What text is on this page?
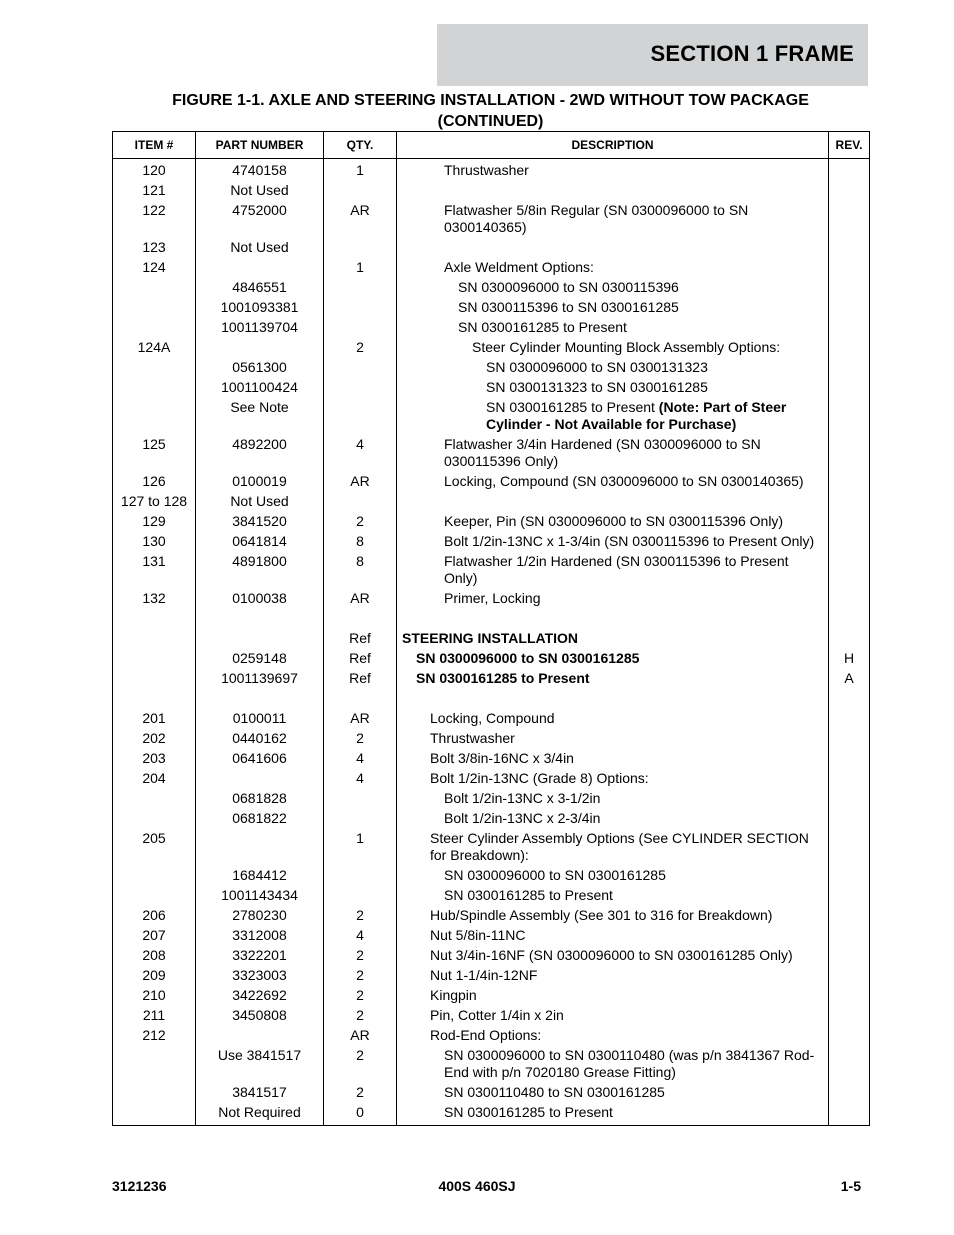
SECTION 1 FRAME
FIGURE 1-1. AXLE AND STEERING INSTALLATION - 2WD WITHOUT TOW PACKAGE
(CONTINUED)
ITEM #	PART NUMBER	QTY.	DESCRIPTION	REV.
120	4740158	1	Thrustwasher	
121	Not Used			
122	4752000	AR	Flatwasher 5/8in Regular (SN 0300096000 to SN 0300140365)	
123	Not Used			
124		1	Axle Weldment Options:	
	4846551		SN 0300096000 to SN 0300115396	
	1001093381		SN 0300115396 to SN 0300161285	
	1001139704		SN 0300161285 to Present	
124A		2	Steer Cylinder Mounting Block Assembly Options:	
	0561300		SN 0300096000 to SN 0300131323	
	1001100424		SN 0300131323 to SN 0300161285	
	See Note		SN 0300161285 to Present (Note: Part of Steer Cylinder - Not Available for Purchase)	
125	4892200	4	Flatwasher 3/4in Hardened (SN 0300096000 to SN 0300115396 Only)	
126	0100019	AR	Locking, Compound (SN 0300096000 to SN 0300140365)	
127 to 128	Not Used			
129	3841520	2	Keeper, Pin (SN 0300096000 to SN 0300115396 Only)	
130	0641814	8	Bolt 1/2in-13NC x 1-3/4in (SN 0300115396 to Present Only)	
131	4891800	8	Flatwasher 1/2in Hardened (SN 0300115396 to Present Only)	
132	0100038	AR	Primer, Locking	

		Ref	STEERING INSTALLATION	
	0259148	Ref	SN 0300096000 to SN 0300161285	H
	1001139697	Ref	SN 0300161285 to Present	A

201	0100011	AR	Locking, Compound	
202	0440162	2	Thrustwasher	
203	0641606	4	Bolt 3/8in-16NC x 3/4in	
204		4	Bolt 1/2in-13NC (Grade 8) Options:	
	0681828		Bolt 1/2in-13NC x 3-1/2in	
	0681822		Bolt 1/2in-13NC x 2-3/4in	
205		1	Steer Cylinder Assembly Options (See CYLINDER SECTION for Breakdown):	
	1684412		SN 0300096000 to SN 0300161285	
	1001143434		SN 0300161285 to Present	
206	2780230	2	Hub/Spindle Assembly (See 301 to 316 for Breakdown)	
207	3312008	4	Nut 5/8in-11NC	
208	3322201	2	Nut 3/4in-16NF (SN 0300096000 to SN 0300161285 Only)	
209	3323003	2	Nut 1-1/4in-12NF	
210	3422692	2	Kingpin	
211	3450808	2	Pin, Cotter 1/4in x 2in	
212		AR	Rod-End Options:	
	Use 3841517	2	SN 0300096000 to SN 0300110480 (was p/n 3841367 Rod-End with p/n 7020180 Grease Fitting)	
	3841517	2	SN 0300110480 to SN 0300161285	
	Not Required	0	SN 0300161285 to Present	
3121236	400S 460SJ	1-5
